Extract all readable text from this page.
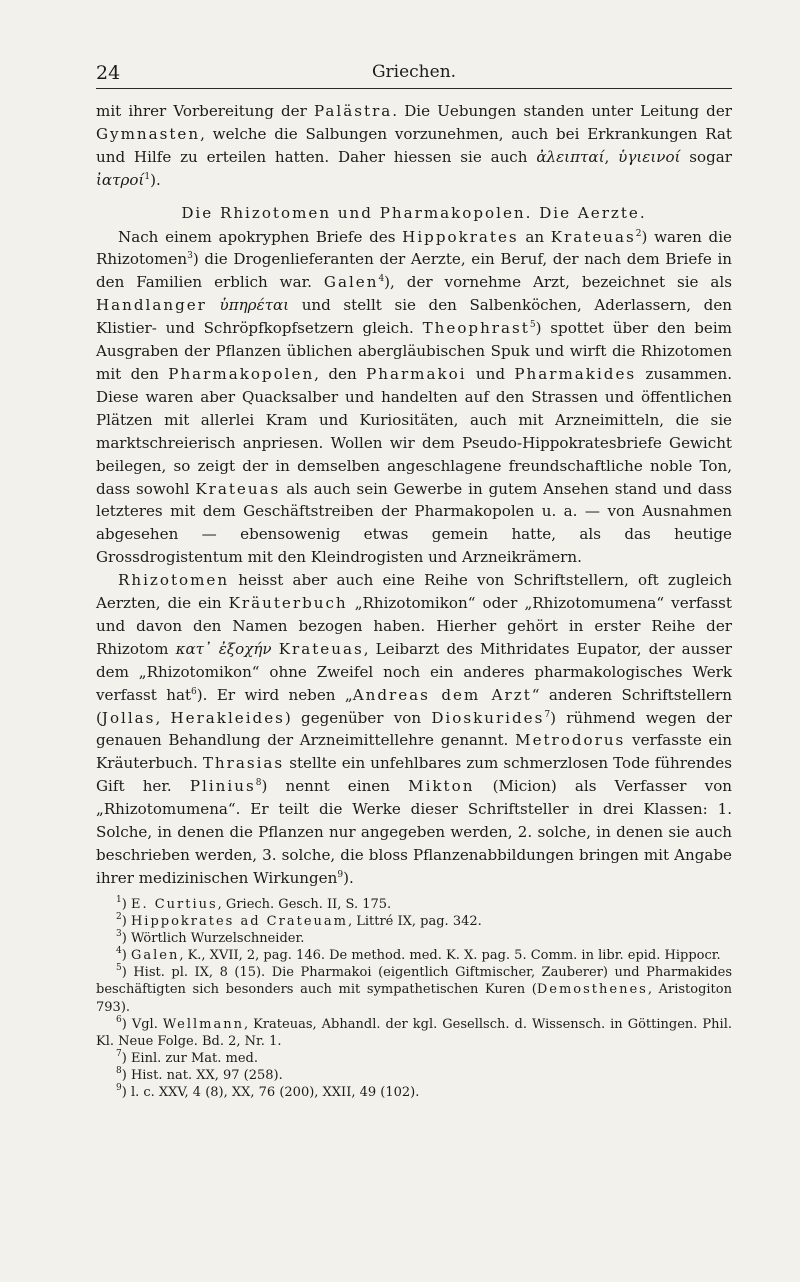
24	Griechen.

mit ihrer Vorbereitung der Palästra. Die Uebungen standen unter Leitung der Gymnasten, welche die Salbungen vorzunehmen, auch bei Erkrankungen Rat und Hilfe zu erteilen hatten. Daher hiessen sie auch ἀλειπταί, ὑγιεινοί sogar ἰατροί$^1$).

Die Rhizotomen und Pharmakopolen. Die Aerzte.

Nach einem apokryphen Briefe des Hippokrates an Krateuas$^2$) waren die Rhizotomen$^3$) die Drogenlieferanten der Aerzte, ein Beruf, der nach dem Briefe in den Familien erblich war. Galen$^4$), der vornehme Arzt, bezeichnet sie als Handlanger ὑπηρέται und stellt sie den Salbenköchen, Aderlassern, den Klistier- und Schröpfkopfsetzern gleich. Theophrast$^5$) spottet über den beim Ausgraben der Pflanzen üblichen abergläubischen Spuk und wirft die Rhizotomen mit den Pharmakopolen, den Pharmakoi und Pharmakides zusammen. Diese waren aber Quacksalber und handelten auf den Strassen und öffentlichen Plätzen mit allerlei Kram und Kuriositäten, auch mit Arzneimitteln, die sie marktschreierisch anpriesen. Wollen wir dem Pseudo-Hippokratesbriefe Gewicht beilegen, so zeigt der in demselben angeschlagene freundschaftliche noble Ton, dass sowohl Krateuas als auch sein Gewerbe in gutem Ansehen stand und dass letzteres mit dem Geschäftstreiben der Pharmakopolen u. a. — von Ausnahmen abgesehen — ebensowenig etwas gemein hatte, als das heutige Grossdrogistentum mit den Kleindrogisten und Arzneikrämern.

Rhizotomen heisst aber auch eine Reihe von Schriftstellern, oft zugleich Aerzten, die ein Kräuterbuch „Rhizotomikon“ oder „Rhizotomumena“ verfasst und davon den Namen bezogen haben. Hierher gehört in erster Reihe der Rhizotom κατ᾽ ἐξοχήν Krateuas, Leibarzt des Mithridates Eupator, der ausser dem „Rhizotomikon“ ohne Zweifel noch ein anderes pharmakologisches Werk verfasst hat$^6$). Er wird neben „Andreas dem Arzt“ anderen Schriftstellern (Jollas, Herakleides) gegenüber von Dioskurides$^7$) rühmend wegen der genauen Behandlung der Arzneimittellehre genannt. Metrodorus verfasste ein Kräuterbuch. Thrasias stellte ein unfehlbares zum schmerzlosen Tode führendes Gift her. Plinius$^8$) nennt einen Mikton (Micion) als Verfasser von „Rhizotomumena“. Er teilt die Werke dieser Schriftsteller in drei Klassen: 1. Solche, in denen die Pflanzen nur angegeben werden, 2. solche, in denen sie auch beschrieben werden, 3. solche, die bloss Pflanzenabbildungen bringen mit Angabe ihrer medizinischen Wirkungen$^9$).

$^1$) E. Curtius, Griech. Gesch. II, S. 175.

$^2$) Hippokrates ad Crateuam, Littré IX, pag. 342.

$^3$) Wörtlich Wurzelschneider.

$^4$) Galen, K., XVII, 2, pag. 146. De method. med. K. X. pag. 5. Comm. in libr. epid. Hippocr.

$^5$) Hist. pl. IX, 8 (15). Die Pharmakoi (eigentlich Giftmischer, Zauberer) und Pharmakides beschäftigten sich besonders auch mit sympathetischen Kuren (Demosthenes, Aristogiton 793).

$^6$) Vgl. Wellmann, Krateuas, Abhandl. der kgl. Gesellsch. d. Wissensch. in Göttingen. Phil. Kl. Neue Folge. Bd. 2, Nr. 1.

$^7$) Einl. zur Mat. med.

$^8$) Hist. nat. XX, 97 (258).

$^9$) l. c. XXV, 4 (8), XX, 76 (200), XXII, 49 (102).
